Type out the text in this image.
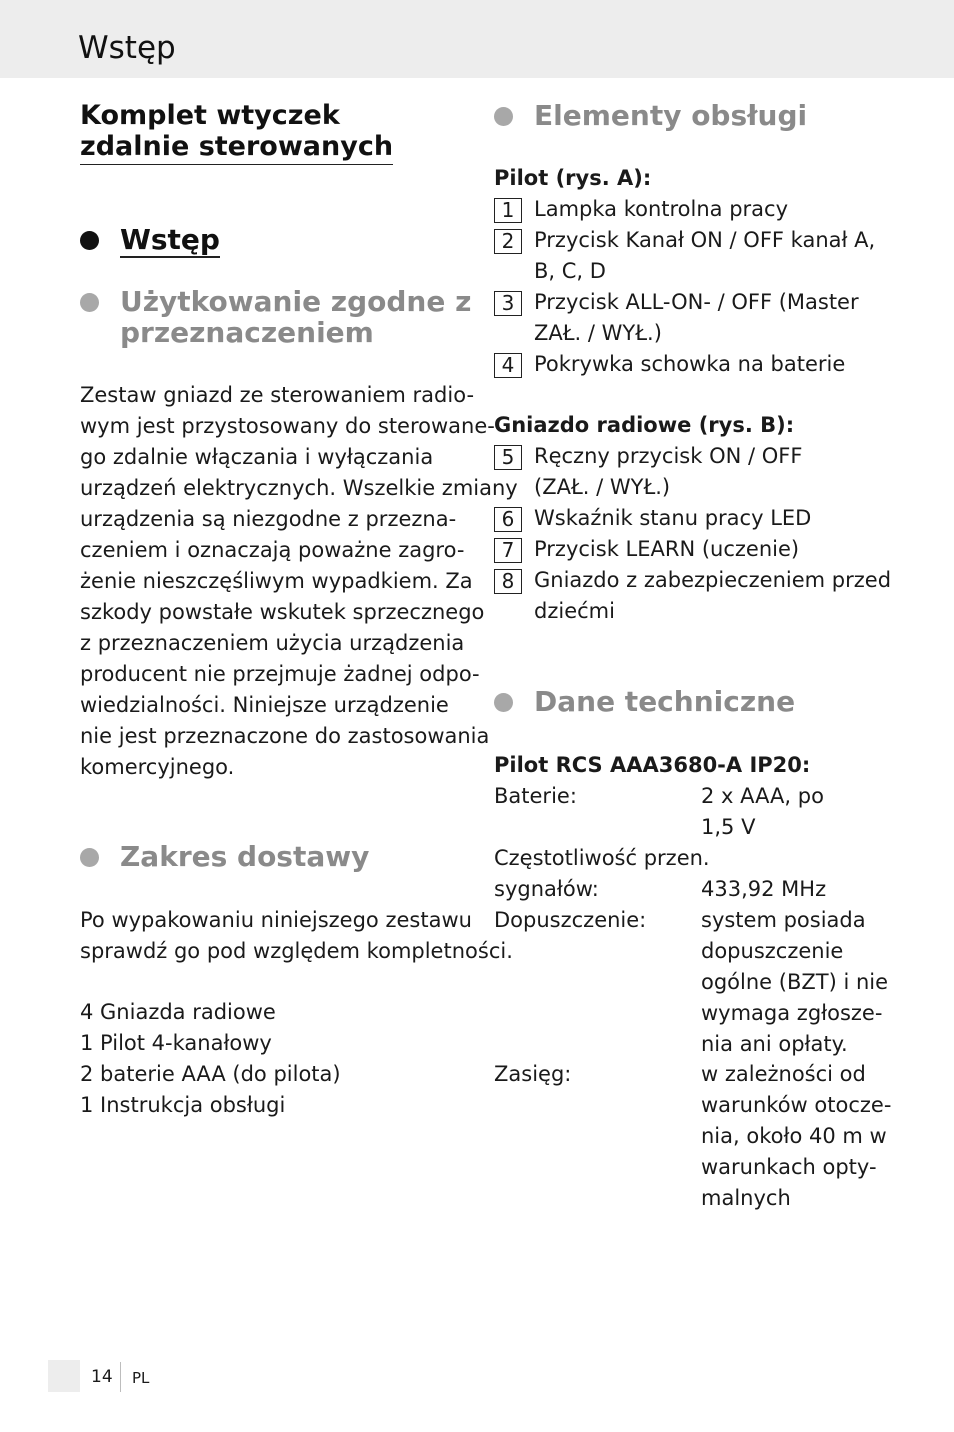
Wstęp
Komplet wtyczek
zdalnie sterowanych
Wstęp
Użytkowanie zgodne z
przeznaczeniem
Zestaw gniazd ze sterowaniem radio-
wym jest przystosowany do sterowane-
go zdalnie włączania i wyłączania
urządzeń elektrycznych. Wszelkie zmiany
urządzenia są niezgodne z przezna-
czeniem i oznaczają poważne zagro-
żenie nieszczęśliwym wypadkiem. Za
szkody powstałe wskutek sprzecznego
z przeznaczeniem użycia urządzenia
producent nie przejmuje żadnej odpo-
wiedzialności. Niniejsze urządzenie
nie jest przeznaczone do zastosowania
komercyjnego.
Zakres dostawy
Po wypakowaniu niniejszego zestawu
sprawdź go pod względem kompletności.
4 Gniazda radiowe
1 Pilot 4-kanałowy
2 baterie AAA (do pilota)
1 Instrukcja obsługi
Elementy obsługi
Pilot (rys. A):
1 Lampka kontrolna pracy
2 Przycisk Kanał ON / OFF kanał A,
B, C, D
3 Przycisk ALL-ON- / OFF (Master
ZAŁ. / WYŁ.)
4 Pokrywka schowka na baterie
Gniazdo radiowe (rys. B):
5 Ręczny przycisk ON / OFF
(ZAŁ. / WYŁ.)
6 Wskaźnik stanu pracy LED
7 Przycisk LEARN (uczenie)
8 Gniazdo z zabezpieczeniem przed
dziećmi
Dane techniczne
Pilot RCS AAA3680-A IP20:
Baterie:	2 x AAA, po
1,5 V
Częstotliwość przen.
sygnałów:	433,92 MHz
Dopuszczenie:	system posiada
dopuszczenie
ogólne (BZT) i nie
wymaga zgłosze-
nia ani opłaty.
Zasięg:	w zależności od
warunków otocze-
nia, około 40 m w
warunkach opty-
malnych
14 PL
